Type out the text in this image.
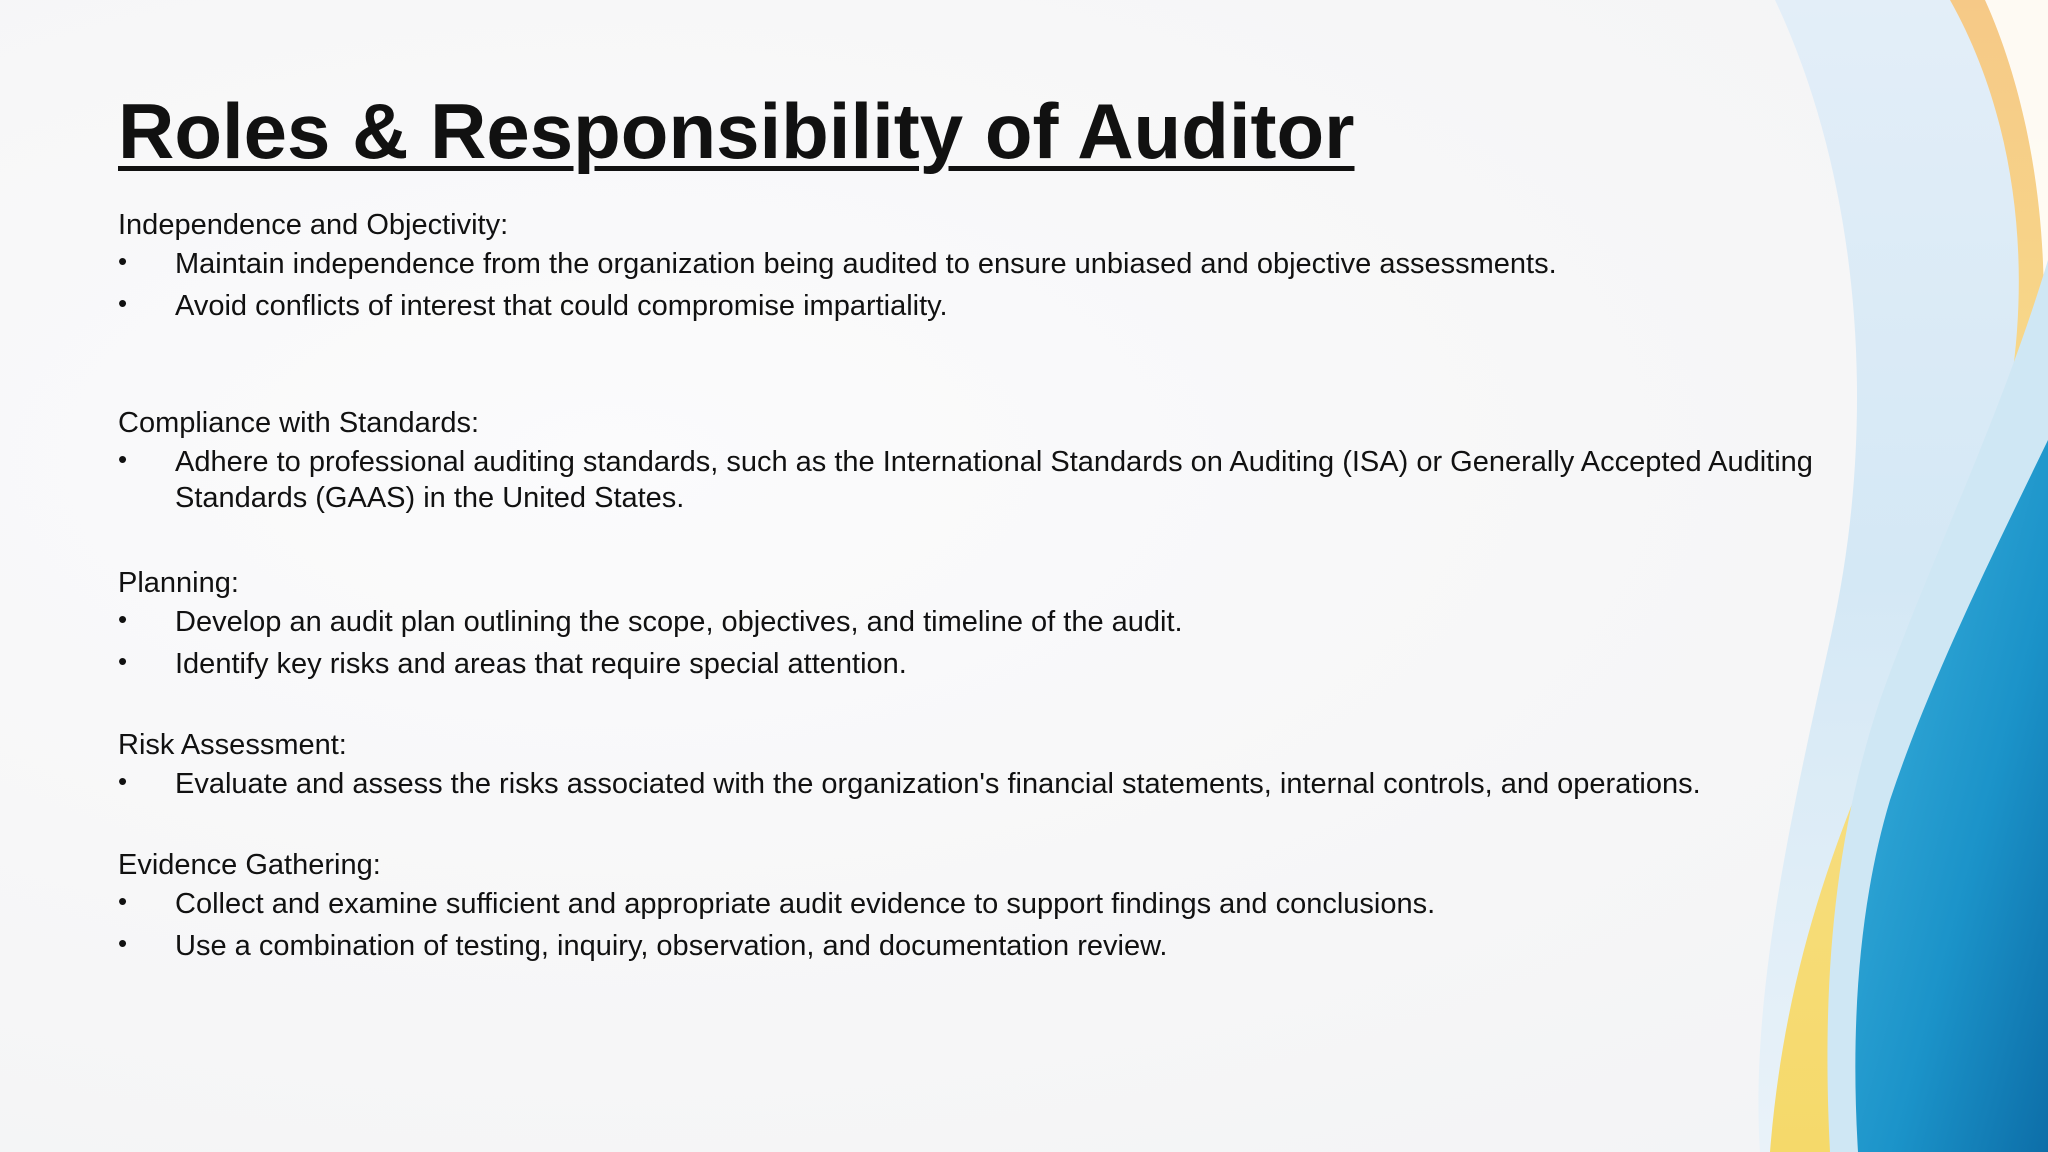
Roles & Responsibility of Auditor

Independence and Objectivity:

• Maintain independence from the organization being audited to ensure unbiased and objective assessments.
• Avoid conflicts of interest that could compromise impartiality.

Compliance with Standards:

• Adhere to professional auditing standards, such as the International Standards on Auditing (ISA) or Generally Accepted Auditing Standards (GAAS) in the United States.

Planning:

• Develop an audit plan outlining the scope, objectives, and timeline of the audit.
• Identify key risks and areas that require special attention.

Risk Assessment:

• Evaluate and assess the risks associated with the organization's financial statements, internal controls, and operations.

Evidence Gathering:

• Collect and examine sufficient and appropriate audit evidence to support findings and conclusions.
• Use a combination of testing, inquiry, observation, and documentation review.
